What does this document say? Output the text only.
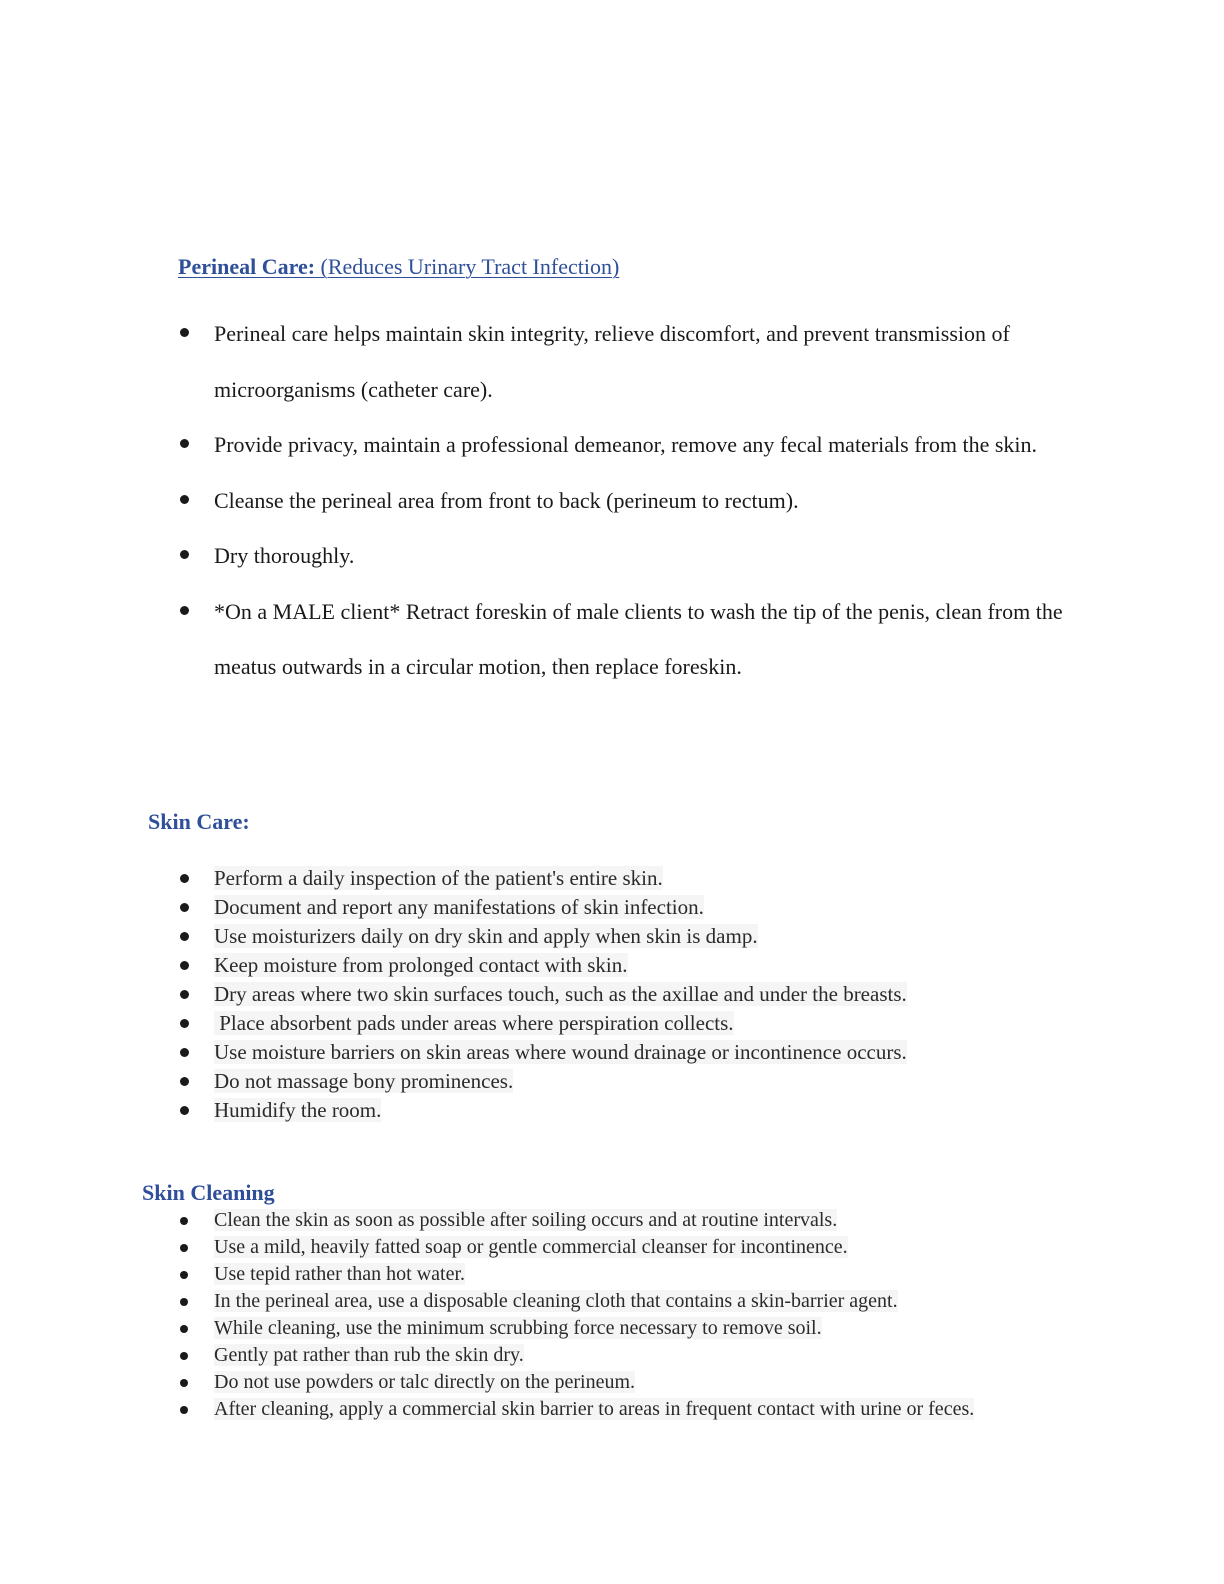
Perineal Care: (Reduces Urinary Tract Infection)
Perineal care helps maintain skin integrity, relieve discomfort, and prevent transmission of microorganisms (catheter care).
Provide privacy, maintain a professional demeanor, remove any fecal materials from the skin.
Cleanse the perineal area from front to back (perineum to rectum).
Dry thoroughly.
*On a MALE client* Retract foreskin of male clients to wash the tip of the penis, clean from the meatus outwards in a circular motion, then replace foreskin.
Skin Care:
Perform a daily inspection of the patient's entire skin.
Document and report any manifestations of skin infection.
Use moisturizers daily on dry skin and apply when skin is damp.
Keep moisture from prolonged contact with skin.
Dry areas where two skin surfaces touch, such as the axillae and under the breasts.
Place absorbent pads under areas where perspiration collects.
Use moisture barriers on skin areas where wound drainage or incontinence occurs.
Do not massage bony prominences.
Humidify the room.
Skin Cleaning
Clean the skin as soon as possible after soiling occurs and at routine intervals.
Use a mild, heavily fatted soap or gentle commercial cleanser for incontinence.
Use tepid rather than hot water.
In the perineal area, use a disposable cleaning cloth that contains a skin-barrier agent.
While cleaning, use the minimum scrubbing force necessary to remove soil.
Gently pat rather than rub the skin dry.
Do not use powders or talc directly on the perineum.
After cleaning, apply a commercial skin barrier to areas in frequent contact with urine or feces.
